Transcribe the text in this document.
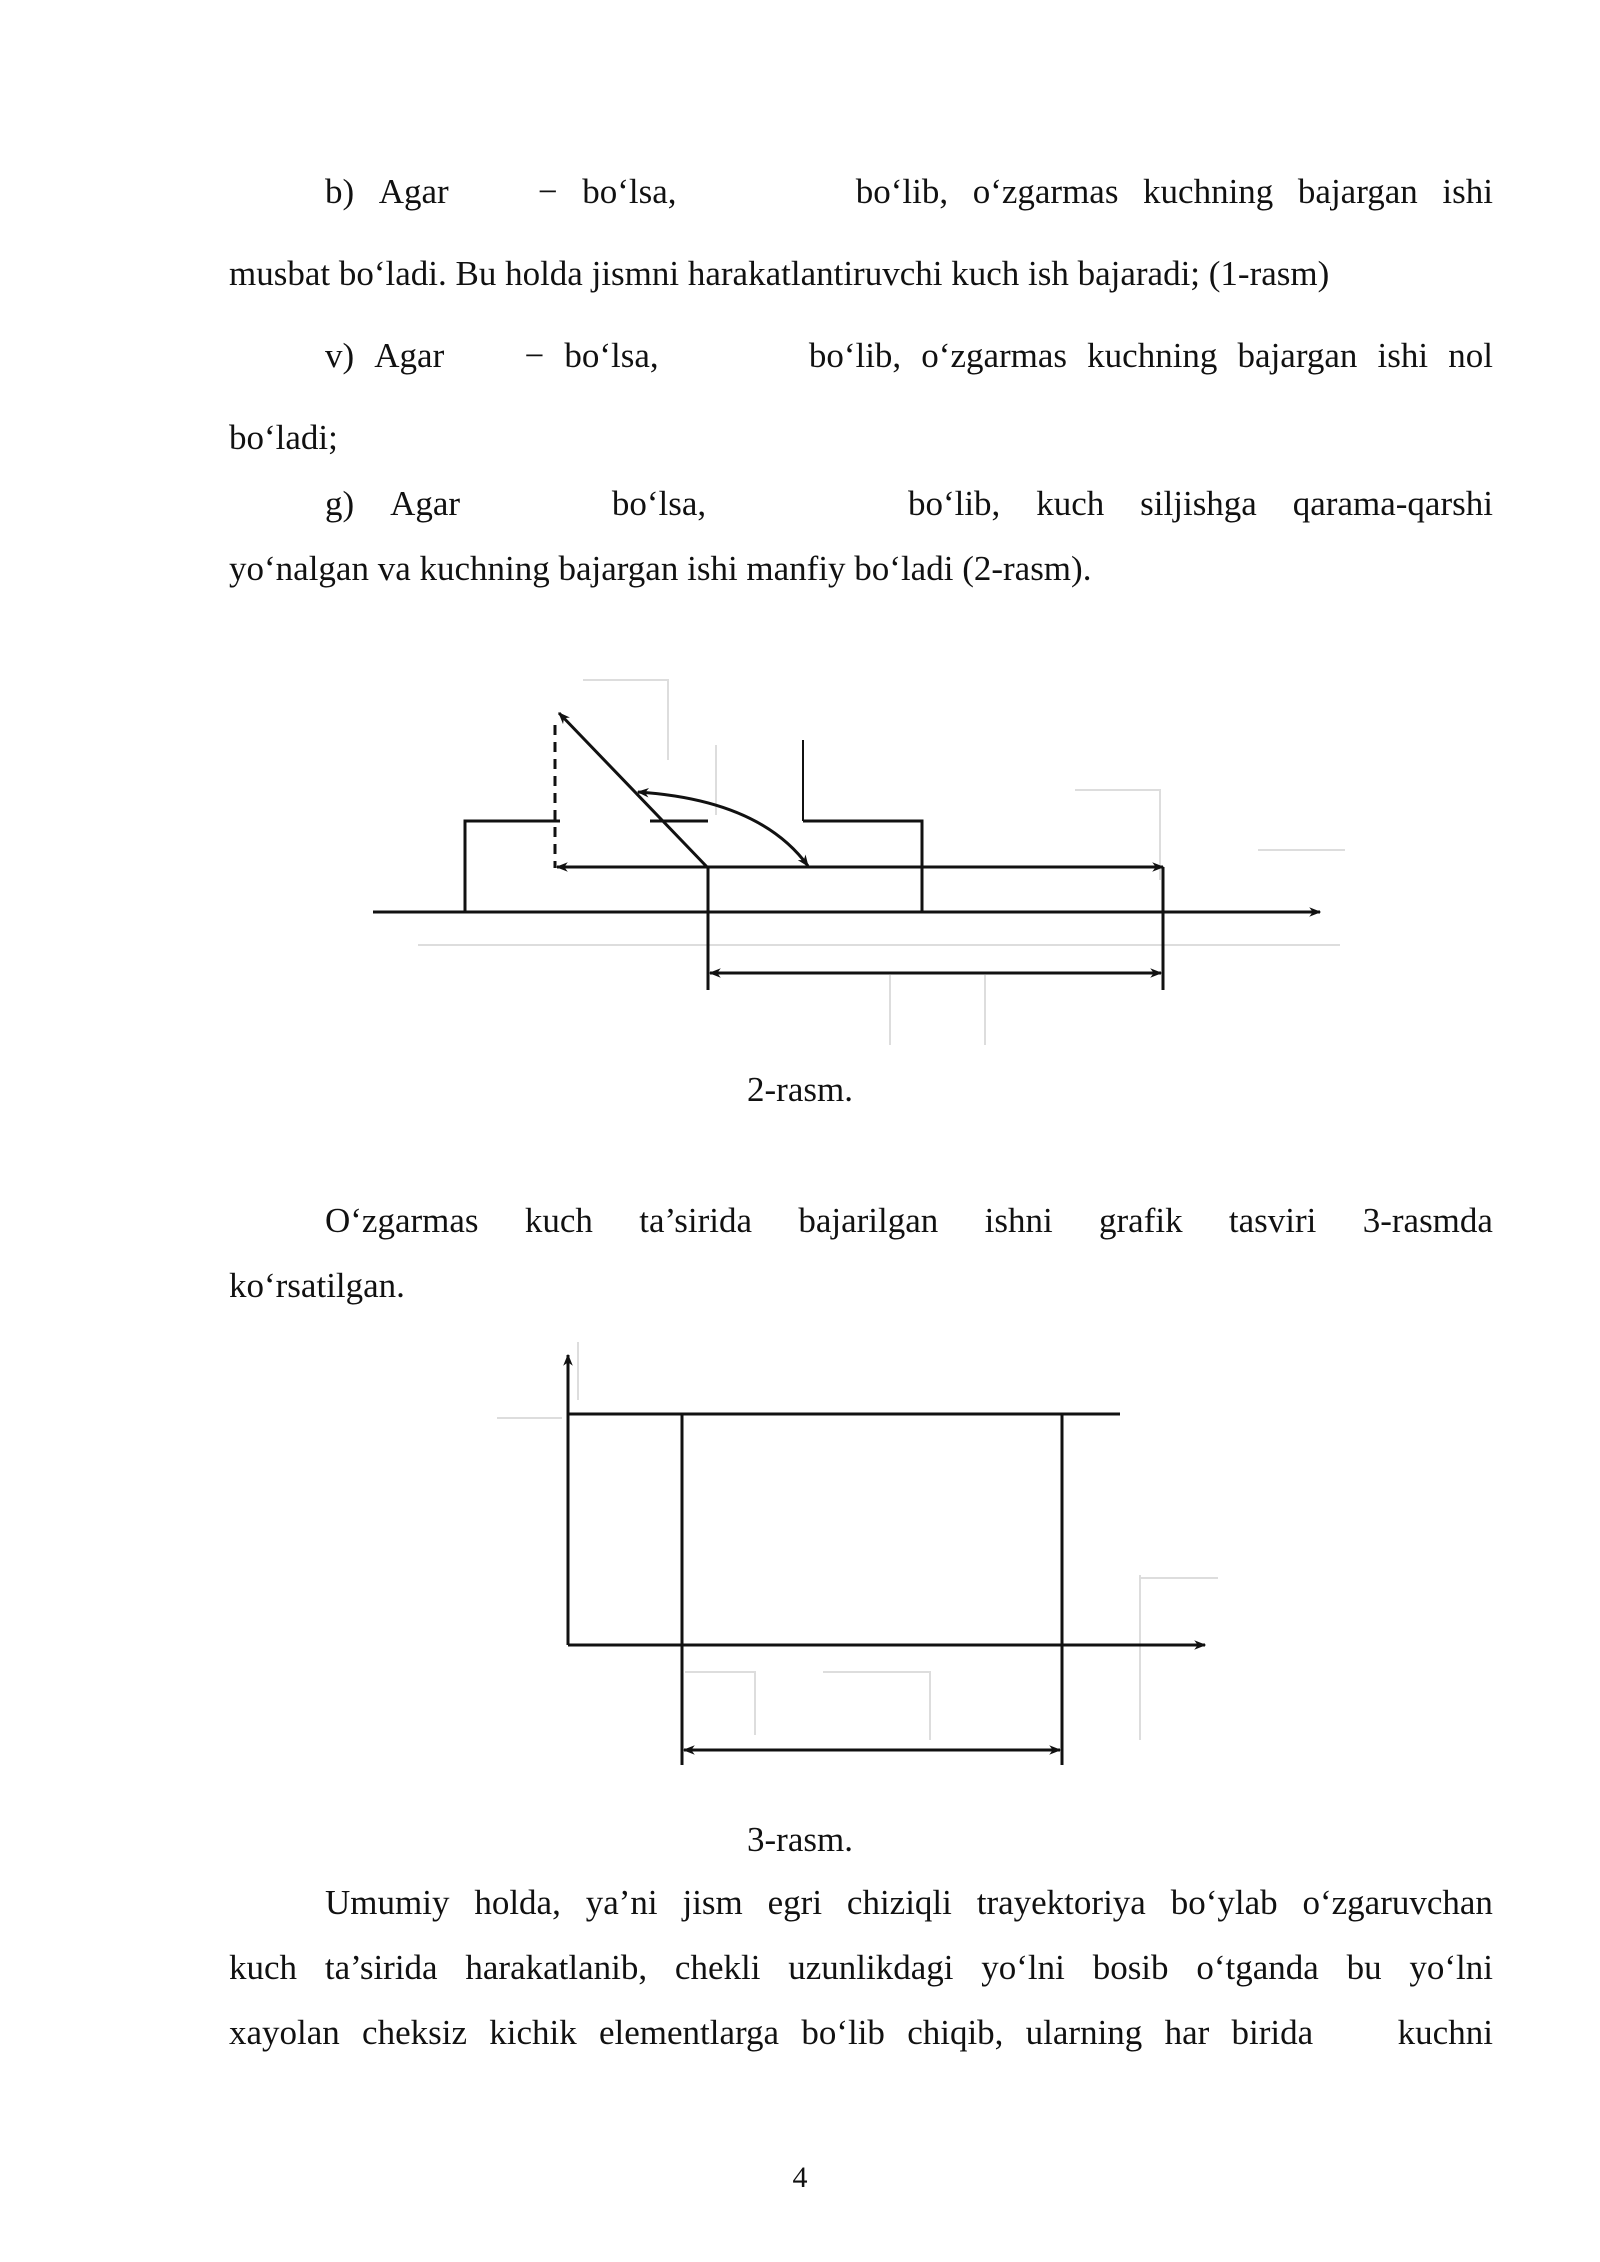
b) Agar	− bo‘lsa,	bo‘lib, o‘zgarmas kuchning bajargan ishi
musbat bo‘ladi. Bu holda jismni harakatlantiruvchi kuch ish bajaradi; (1-rasm)
v) Agar − bo‘lsa,	bo‘lib, o‘zgarmas kuchning bajargan ishi nol
bo‘ladi;
g) Agar	bo‘lsa,	bo‘lib, kuch siljishga qarama-qarshi
yo‘nalgan va kuchning bajargan ishi manfiy bo‘ladi (2-rasm).
2-rasm.
O‘zgarmas kuch ta’sirida bajarilgan ishni grafik tasviri 3-rasmda
ko‘rsatilgan.
3-rasm.
Umumiy holda, ya’ni jism egri chiziqli trayektoriya bo‘ylab o‘zgaruvchan
kuch ta’sirida harakatlanib, chekli uzunlikdagi yo‘lni bosib o‘tganda bu yo‘lni
xayolan cheksiz kichik elementlarga bo‘lib chiqib, ularning har birida kuchni
4
